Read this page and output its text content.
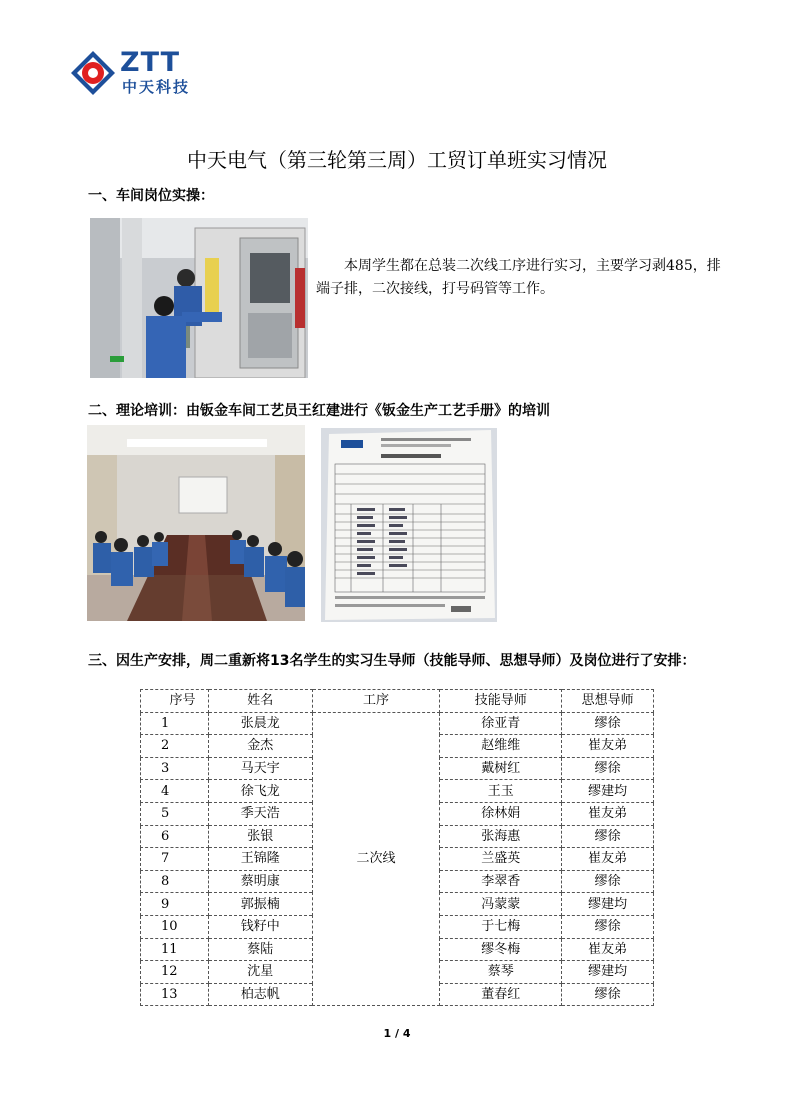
ZTT
中天科技
中天电气（第三轮第三周）工贸订单班实习情况
一、车间岗位实操：
本周学生都在总装二次线工序进行实习，主要学习剥485，排端子排，二次接线，打号码管等工作。
二、理论培训：由钣金车间工艺员王红建进行《钣金生产工艺手册》的培训
三、因生产安排，周二重新将13名学生的实习生导师（技能导师、思想导师）及岗位进行了安排：
序号	姓名	工序	技能导师	思想导师
1	张晨龙	二次线	徐亚青	缪徐
2	金杰		赵维维	崔友弟
3	马天宇		戴树红	缪徐
4	徐飞龙		王玉	缪建均
5	季天浩		徐林娟	崔友弟
6	张银		张海惠	缪徐
7	王锦隆		兰盛英	崔友弟
8	蔡明康		李翠香	缪徐
9	郭振楠		冯蒙蒙	缪建均
10	钱籽中		于七梅	缪徐
11	蔡陆		缪冬梅	崔友弟
12	沈星		蔡琴	缪建均
13	柏志帆		董春红	缪徐
1 / 4
